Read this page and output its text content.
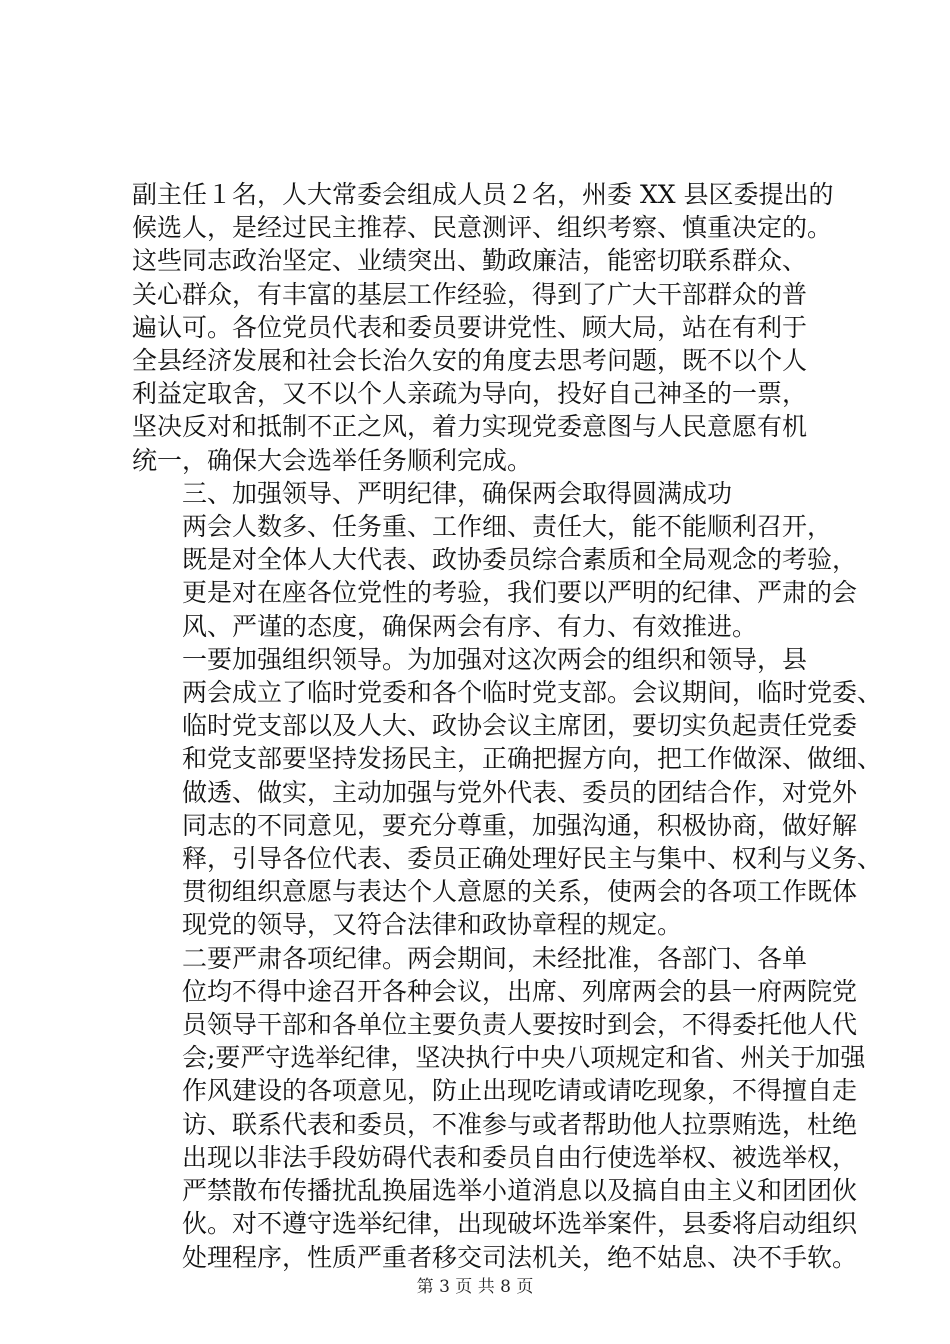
副主任１名，人大常委会组成人员２名，州委 XX 县区委提出的
候选人，是经过民主推荐、民意测评、组织考察、慎重决定的。
这些同志政治坚定、业绩突出、勤政廉洁，能密切联系群众、
关心群众，有丰富的基层工作经验，得到了广大干部群众的普
遍认可。各位党员代表和委员要讲党性、顾大局，站在有利于
全县经济发展和社会长治久安的角度去思考问题，既不以个人
利益定取舍，又不以个人亲疏为导向，投好自己神圣的一票，
坚决反对和抵制不正之风，着力实现党委意图与人民意愿有机
统一，确保大会选举任务顺利完成。
三、加强领导、严明纪律，确保两会取得圆满成功
两会人数多、任务重、工作细、责任大，能不能顺利召开，
既是对全体人大代表、政协委员综合素质和全局观念的考验，
更是对在座各位党性的考验，我们要以严明的纪律、严肃的会
风、严谨的态度，确保两会有序、有力、有效推进。
一要加强组织领导。为加强对这次两会的组织和领导，县
两会成立了临时党委和各个临时党支部。会议期间，临时党委、
临时党支部以及人大、政协会议主席团，要切实负起责任党委
和党支部要坚持发扬民主，正确把握方向，把工作做深、做细、
做透、做实，主动加强与党外代表、委员的团结合作，对党外
同志的不同意见，要充分尊重，加强沟通，积极协商，做好解
释，引导各位代表、委员正确处理好民主与集中、权利与义务、
贯彻组织意愿与表达个人意愿的关系，使两会的各项工作既体
现党的领导，又符合法律和政协章程的规定。
二要严肃各项纪律。两会期间，未经批准，各部门、各单
位均不得中途召开各种会议，出席、列席两会的县一府两院党
员领导干部和各单位主要负责人要按时到会，不得委托他人代
会;要严守选举纪律，坚决执行中央八项规定和省、州关于加强
作风建设的各项意见，防止出现吃请或请吃现象，不得擅自走
访、联系代表和委员，不准参与或者帮助他人拉票贿选，杜绝
出现以非法手段妨碍代表和委员自由行使选举权、被选举权，
严禁散布传播扰乱换届选举小道消息以及搞自由主义和团团伙
伙。对不遵守选举纪律，出现破坏选举案件，县委将启动组织
处理程序，性质严重者移交司法机关，绝不姑息、决不手软。
第 3 页 共 8 页
